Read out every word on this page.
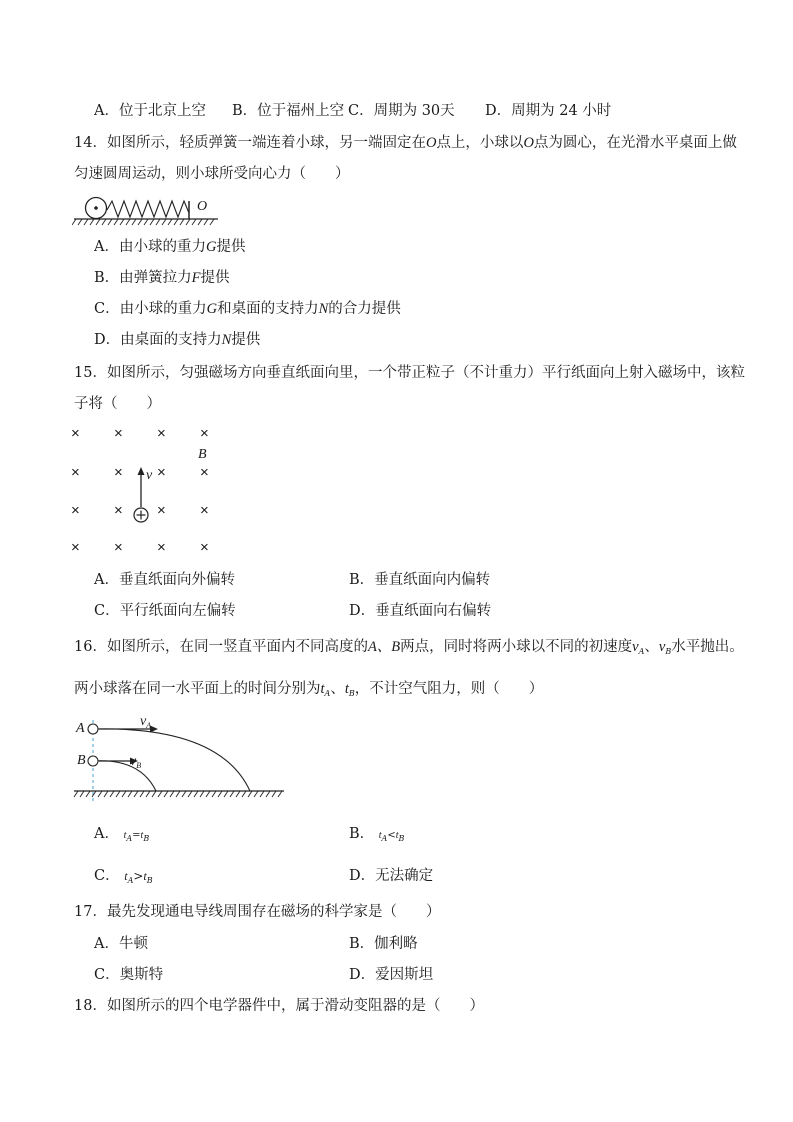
A．位于北京上空 B．位于福州上空 C．周期为 30天 D．周期为 24 小时
14．如图所示，轻质弹簧一端连着小球，另一端固定在O点上，小球以O点为圆心，在光滑水平桌面上做
匀速圆周运动，则小球所受向心力（　　）
O
A．由小球的重力G提供
B．由弹簧拉力F提供
C．由小球的重力G和桌面的支持力N的合力提供
D．由桌面的支持力N提供
15．如图所示，匀强磁场方向垂直纸面向里，一个带正粒子（不计重力）平行纸面向上射入磁场中，该粒
子将（　　）
× × × ×
× × × ×
× × × ×
× × × ×
B
v
A．垂直纸面向外偏转	B．垂直纸面向内偏转
C．平行纸面向左偏转	D．垂直纸面向右偏转
16．如图所示，在同一竖直平面内不同高度的A、B两点，同时将两小球以不同的初速度$v_A$、$v_B$水平抛出。
两小球落在同一水平面上的时间分别为$t_A$、$t_B$，不计空气阻力，则（　　）
A
B
$v_A$
$v_B$
A． $t_A=t_B$	B． $t_A<t_B$
C． $t_A>t_B$	D．无法确定
17．最先发现通电导线周围存在磁场的科学家是（　　）
A．牛顿	B．伽利略
C．奥斯特	D．爱因斯坦
18．如图所示的四个电学器件中，属于滑动变阻器的是（　　）
